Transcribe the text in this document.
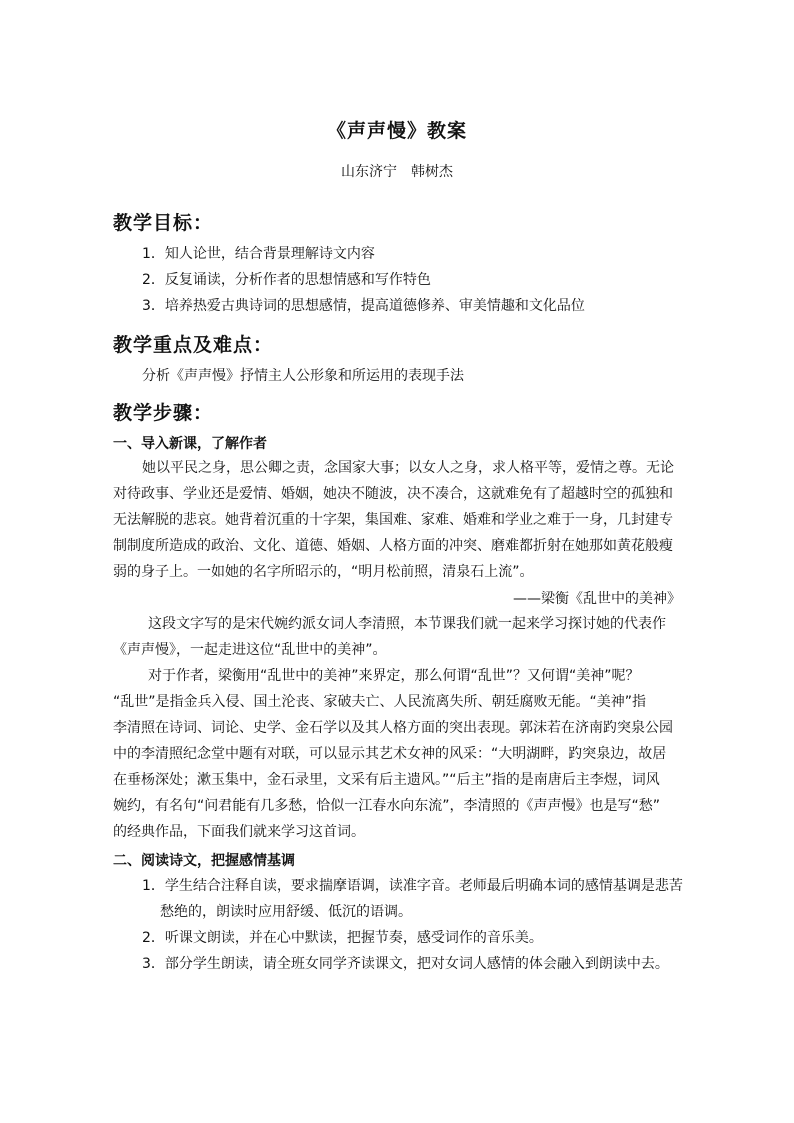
《声声慢》教案
山东济宁　韩树杰
教学目标：
1．知人论世，结合背景理解诗文内容
2．反复诵读，分析作者的思想情感和写作特色
3．培养热爱古典诗词的思想感情，提高道德修养、审美情趣和文化品位
教学重点及难点：
分析《声声慢》抒情主人公形象和所运用的表现手法
教学步骤：
一、导入新课，了解作者
她以平民之身，思公卿之责，念国家大事；以女人之身，求人格平等，爱情之尊。无论
对待政事、学业还是爱情、婚姻，她决不随波，决不凑合，这就难免有了超越时空的孤独和
无法解脱的悲哀。她背着沉重的十字架，集国难、家难、婚难和学业之难于一身，几封建专
制制度所造成的政治、文化、道德、婚姻、人格方面的冲突、磨难都折射在她那如黄花般瘦
弱的身子上。一如她的名字所昭示的，“明月松前照，清泉石上流”。
——梁衡《乱世中的美神》
这段文字写的是宋代婉约派女词人李清照，本节课我们就一起来学习探讨她的代表作
《声声慢》，一起走进这位“乱世中的美神”。
对于作者，梁衡用“乱世中的美神”来界定，那么何谓“乱世”？又何谓“美神”呢？
“乱世”是指金兵入侵、国土沦丧、家破夫亡、人民流离失所、朝廷腐败无能。“美神”指
李清照在诗词、词论、史学、金石学以及其人格方面的突出表现。郭沫若在济南趵突泉公园
中的李清照纪念堂中题有对联，可以显示其艺术女神的风采：“大明湖畔，趵突泉边，故居
在垂杨深处；漱玉集中，金石录里，文采有后主遗风。”“后主”指的是南唐后主李煜，词风
婉约，有名句“问君能有几多愁，恰似一江春水向东流”，李清照的《声声慢》也是写“愁”
的经典作品，下面我们就来学习这首词。
二、阅读诗文，把握感情基调
1．学生结合注释自读，要求揣摩语调，读准字音。老师最后明确本词的感情基调是悲苦
愁绝的，朗读时应用舒缓、低沉的语调。
2．听课文朗读，并在心中默读，把握节奏，感受词作的音乐美。
3．部分学生朗读，请全班女同学齐读课文，把对女词人感情的体会融入到朗读中去。
